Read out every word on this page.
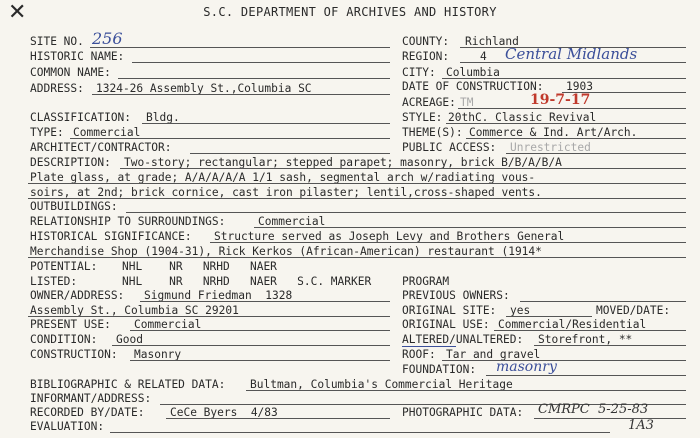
✕	S.C. DEPARTMENT OF ARCHIVES AND HISTORY
SITE NO. 256
HISTORIC NAME:
COMMON NAME:
ADDRESS: 1324-26 Assembly St.,Columbia SC
COUNTY: Richland
REGION:	4 Central Midlands
CITY: Columbia
DATE OF CONSTRUCTION: 1903
ACREAGE: TM	19-7-17
CLASSIFICATION: Bldg.	STYLE: 20thC. Classic Revival
TYPE: Commercial	THEME(S): Commerce & Ind. Art/Arch.
ARCHITECT/CONTRACTOR:	PUBLIC ACCESS: Unrestricted
DESCRIPTION: Two-story; rectangular; stepped parapet; masonry, brick B/B/A/B/A
Plate glass, at grade; A/A/A/A/A 1/1 sash, segmental arch w/radiating vous-
soirs, at 2nd; brick cornice, cast iron pilaster; lentil,cross-shaped vents.
OUTBUILDINGS:
RELATIONSHIP TO SURROUNDINGS:	Commercial
HISTORICAL SIGNIFICANCE: Structure served as Joseph Levy and Brothers General
Merchandise Shop (1904-31), Rick Kerkos (African-American) restaurant (1914*
POTENTIAL: NHL    NR   NRHD   NAER
LISTED:	NHL    NR   NRHD   NAER   S.C. MARKER	PROGRAM
OWNER/ADDRESS: Sigmund Friedman  1328
Assembly St., Columbia SC 29201
PREVIOUS OWNERS:
ORIGINAL SITE: yes	MOVED/DATE:
PRESENT USE: Commercial	ORIGINAL USE: Commercial/Residential
CONDITION: Good	ALTERED/UNALTERED: Storefront, **
CONSTRUCTION: Masonry	ROOF: Tar and gravel
FOUNDATION: masonry
BIBLIOGRAPHIC & RELATED DATA: Bultman, Columbia's Commercial Heritage
INFORMANT/ADDRESS:
RECORDED BY/DATE: CeCe Byers  4/83	PHOTOGRAPHIC DATA: CMRPC  5-25-83
1A3
EVALUATION:
